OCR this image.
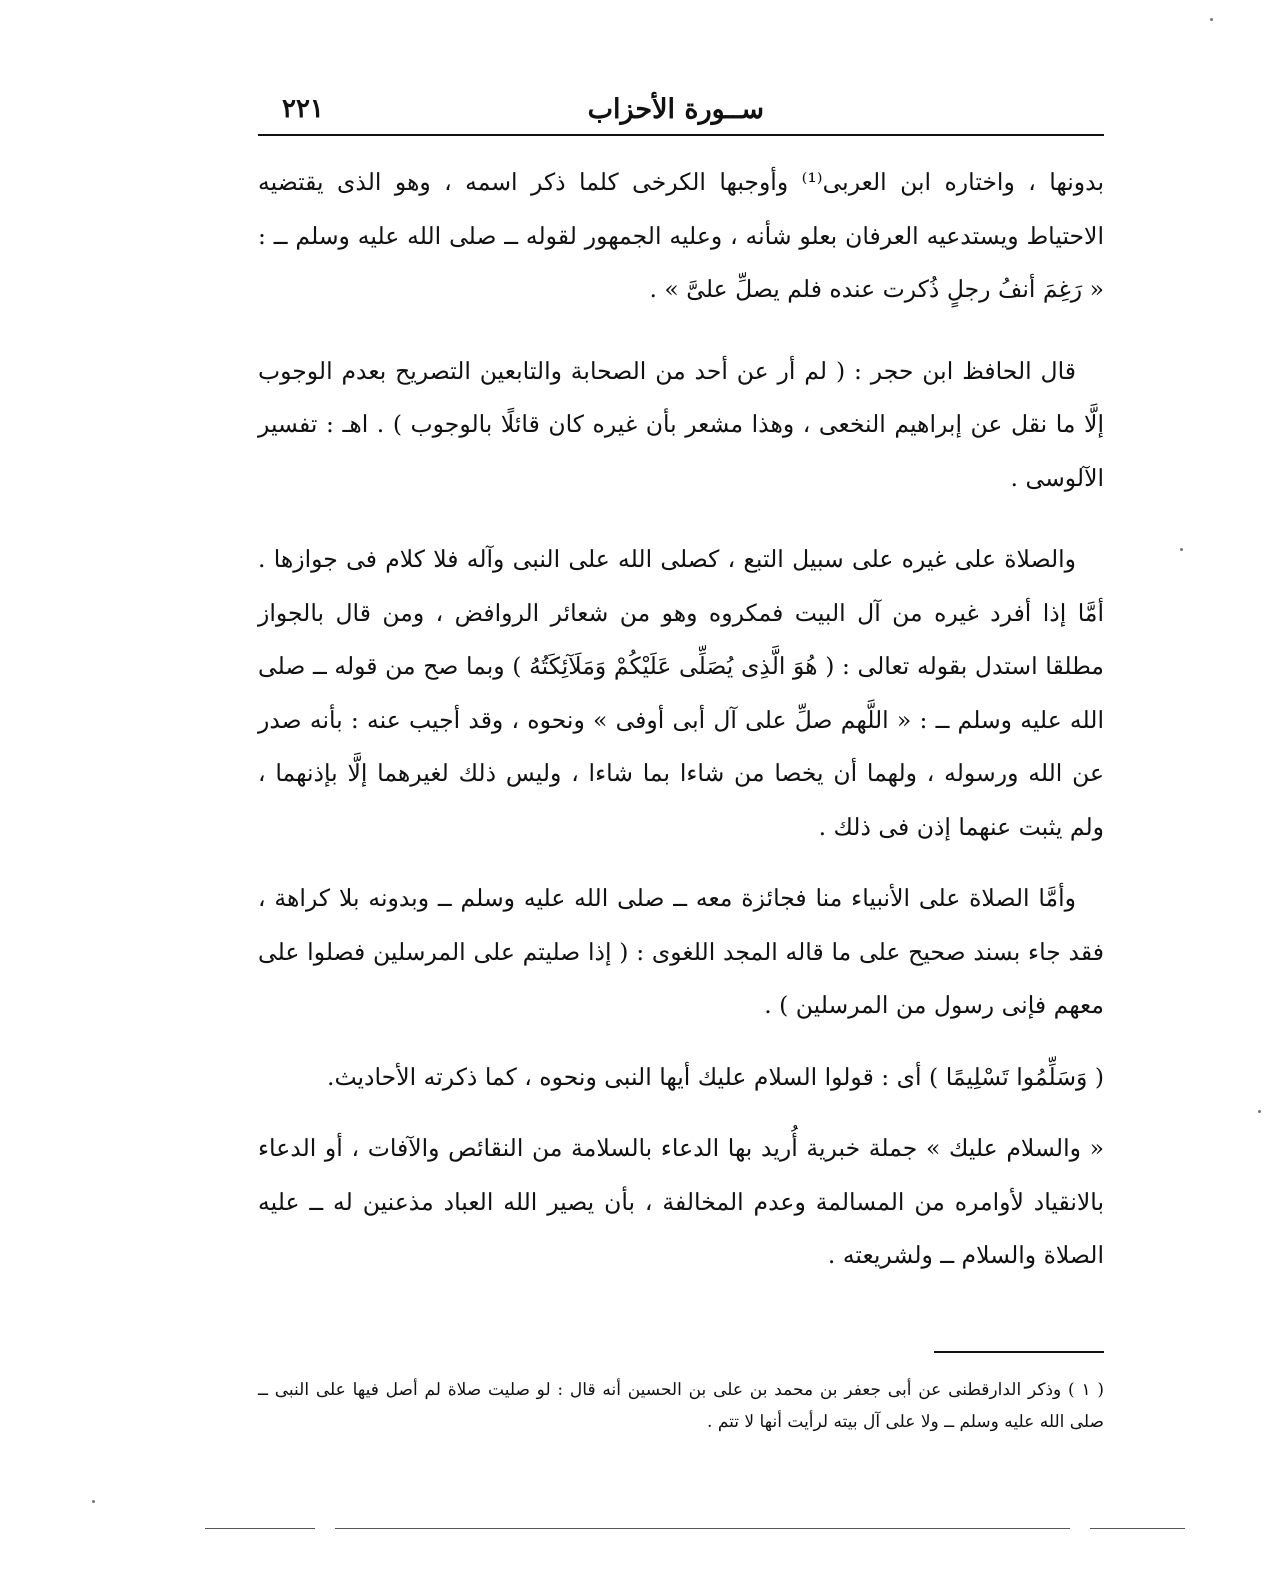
ســورة الأحزاب
٢٢١

بدونها ، واختاره ابن العربى⁽¹⁾ وأوجبها الكرخى كلما ذكر اسمه ، وهو الذى يقتضيه الاحتياط ويستدعيه العرفان بعلو شأنه ، وعليه الجمهور لقوله ــ صلى الله عليه وسلم ــ : « رَغِمَ أنفُ رجلٍ ذُكرت عنده فلم يصلِّ علىَّ » .

قال الحافظ ابن حجر : ( لم أر عن أحد من الصحابة والتابعين التصريح بعدم الوجوب إلَّا ما نقل عن إبراهيم النخعى ، وهذا مشعر بأن غيره كان قائلًا بالوجوب ) . اهـ : تفسير الآلوسى .

والصلاة على غيره على سبيل التبع ، كصلى الله على النبى وآله فلا كلام فى جوازها . أمَّا إذا أفرد غيره من آل البيت فمكروه وهو من شعائر الروافض ، ومن قال بالجواز مطلقا استدل بقوله تعالى : ( هُوَ الَّذِى يُصَلِّى عَلَيْكُمْ وَمَلَآئِكَتُهُ ) وبما صح من قوله ــ صلى الله عليه وسلم ــ : « اللَّهم صلِّ على آل أبى أوفى » ونحوه ، وقد أجيب عنه : بأنه صدر عن الله ورسوله ، ولهما أن يخصا من شاءا بما شاءا ، وليس ذلك لغيرهما إلَّا بإذنهما ، ولم يثبت عنهما إذن فى ذلك .

وأمَّا الصلاة على الأنبياء منا فجائزة معه ــ صلى الله عليه وسلم ــ وبدونه بلا كراهة ، فقد جاء بسند صحيح على ما قاله المجد اللغوى : ( إذا صليتم على المرسلين فصلوا على معهم فإنى رسول من المرسلين ) .

( وَسَلِّمُوا تَسْلِيمًا ) أى : قولوا السلام عليك أيها النبى ونحوه ، كما ذكرته الأحاديث.

« والسلام عليك » جملة خبرية أُريد بها الدعاء بالسلامة من النقائص والآفات ، أو الدعاء بالانقياد لأوامره من المسالمة وعدم المخالفة ، بأن يصير الله العباد مذعنين له ــ عليه الصلاة والسلام ــ ولشريعته .

( ١ ) وذكر الدارقطنى عن أبى جعفر بن محمد بن على بن الحسين أنه قال : لو صليت صلاة لم أصل فيها على النبى ــ صلى الله عليه وسلم ــ ولا على آل بيته لرأيت أنها لا تتم .
